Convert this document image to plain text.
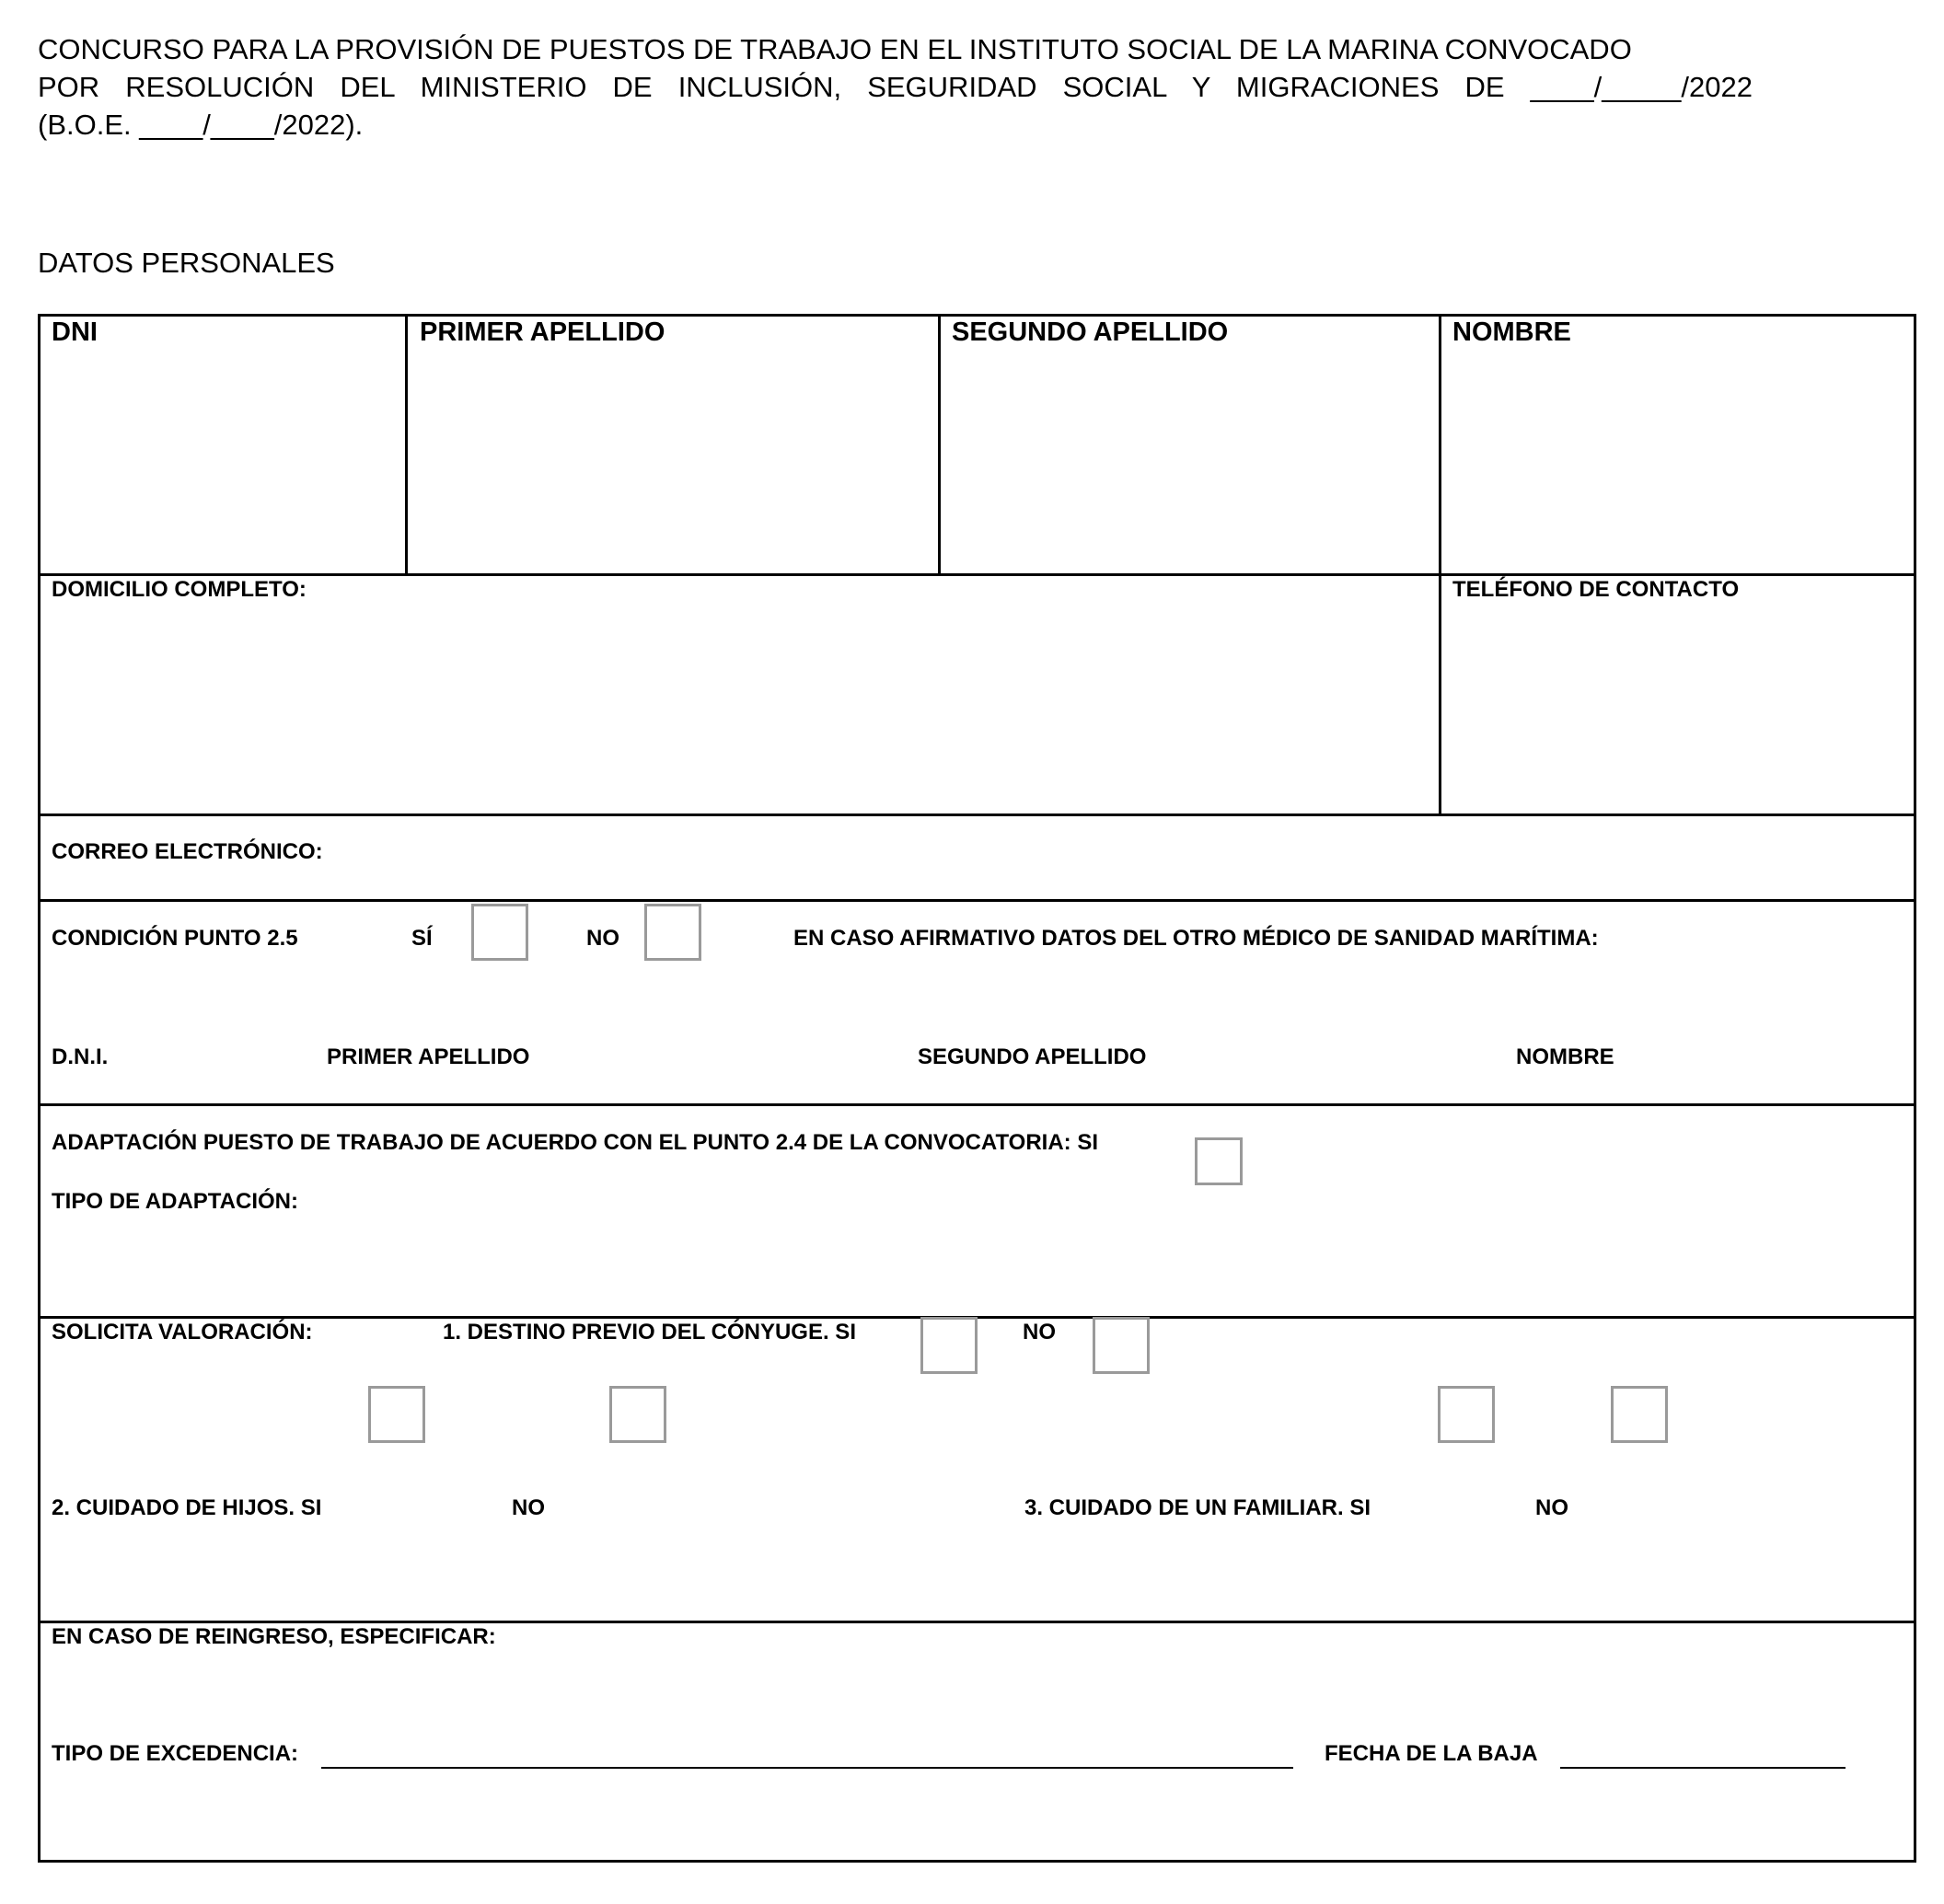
CONCURSO PARA LA PROVISIÓN DE PUESTOS DE TRABAJO EN EL INSTITUTO SOCIAL DE LA MARINA CONVOCADO
POR RESOLUCIÓN DEL MINISTERIO DE INCLUSIÓN, SEGURIDAD SOCIAL Y MIGRACIONES DE ____/_____/2022
(B.O.E. ____/____/2022).
DATOS PERSONALES
DNI	PRIMER APELLIDO	SEGUNDO APELLIDO	NOMBRE
DOMICILIO COMPLETO:	TELÉFONO DE CONTACTO
CORREO ELECTRÓNICO:
CONDICIÓN PUNTO 2.5	SÍ	NO	EN CASO AFIRMATIVO DATOS DEL OTRO MÉDICO DE SANIDAD MARÍTIMA:
D.N.I.	PRIMER APELLIDO	SEGUNDO APELLIDO	NOMBRE
ADAPTACIÓN PUESTO DE TRABAJO DE ACUERDO CON EL PUNTO 2.4 DE LA CONVOCATORIA: SI
TIPO DE ADAPTACIÓN:
SOLICITA VALORACIÓN:	1. DESTINO PREVIO DEL CÓNYUGE. SI	NO
2. CUIDADO DE HIJOS. SI	NO	3. CUIDADO DE UN FAMILIAR. SI	NO
EN CASO DE REINGRESO, ESPECIFICAR:
TIPO DE EXCEDENCIA:	FECHA DE LA BAJA
